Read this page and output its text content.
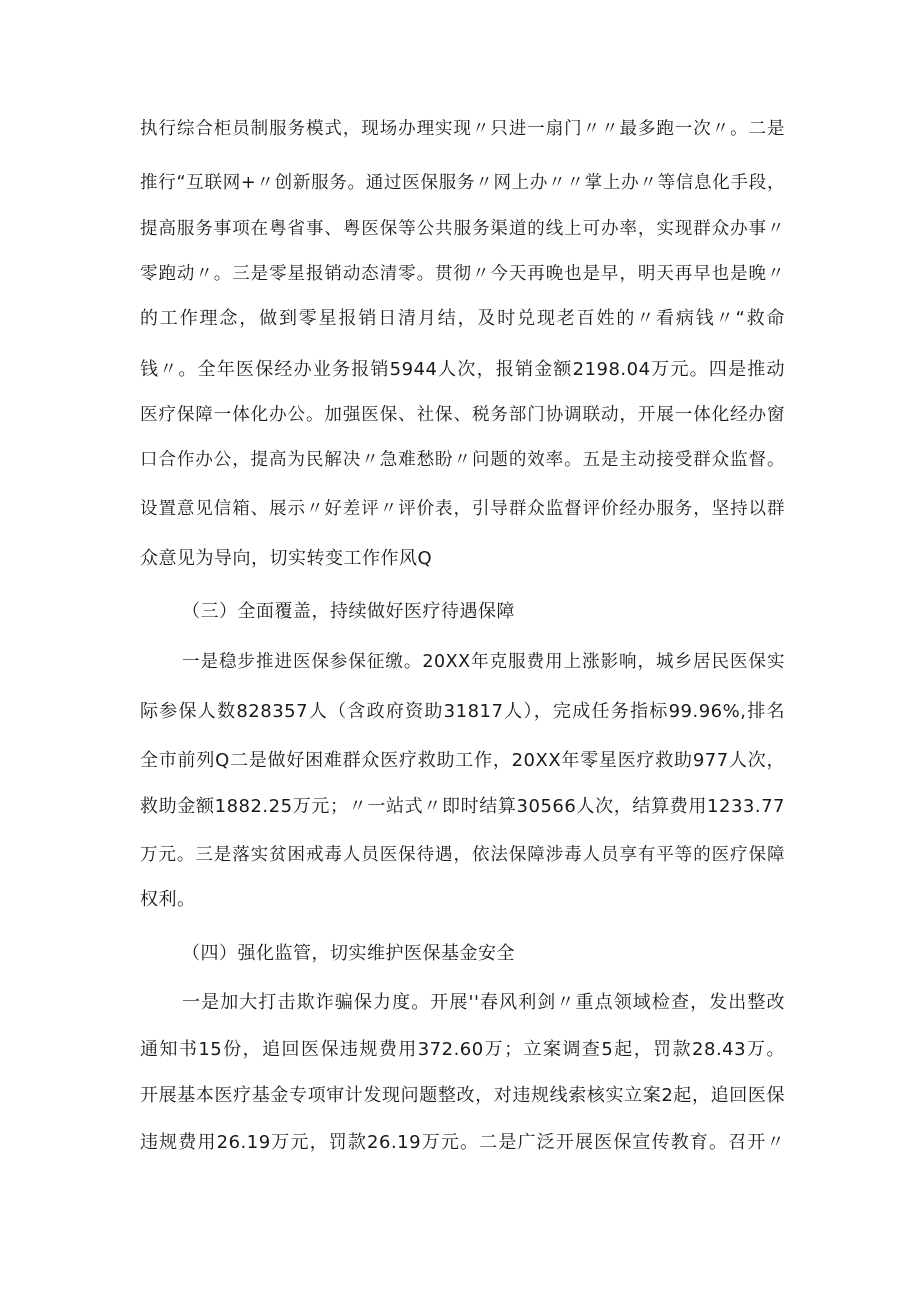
执行综合柜员制服务模式，现场办理实现〃只进一扇门〃〃最多跑一次〃。二是
推行“互联网+〃创新服务。通过医保服务〃网上办〃〃掌上办〃等信息化手段，
提高服务事项在粤省事、粤医保等公共服务渠道的线上可办率，实现群众办事〃
零跑动〃。三是零星报销动态清零。贯彻〃今天再晚也是早，明天再早也是晚〃
的工作理念，做到零星报销日清月结，及时兑现老百姓的〃看病钱〃“救命
钱〃。全年医保经办业务报销5944人次，报销金额2198.04万元。四是推动
医疗保障一体化办公。加强医保、社保、税务部门协调联动，开展一体化经办窗
口合作办公，提高为民解决〃急难愁盼〃问题的效率。五是主动接受群众监督。
设置意见信箱、展示〃好差评〃评价表，引导群众监督评价经办服务，坚持以群
众意见为导向，切实转变工作作风Q
（三）全面覆盖，持续做好医疗待遇保障
一是稳步推进医保参保征缴。20XX年克服费用上涨影响，城乡居民医保实
际参保人数828357人（含政府资助31817人），完成任务指标99.96%,排名
全市前列Q二是做好困难群众医疗救助工作，20XX年零星医疗救助977人次，
救助金额1882.25万元；〃一站式〃即时结算30566人次，结算费用1233.77
万元。三是落实贫困戒毒人员医保待遇，依法保障涉毒人员享有平等的医疗保障
权利。
（四）强化监管，切实维护医保基金安全
一是加大打击欺诈骗保力度。开展''春风利剑〃重点领域检查，发出整改
通知书15份，追回医保违规费用372.60万；立案调查5起，罚款28.43万。
开展基本医疗基金专项审计发现问题整改，对违规线索核实立案2起，追回医保
违规费用26.19万元，罚款26.19万元。二是广泛开展医保宣传教育。召开〃
